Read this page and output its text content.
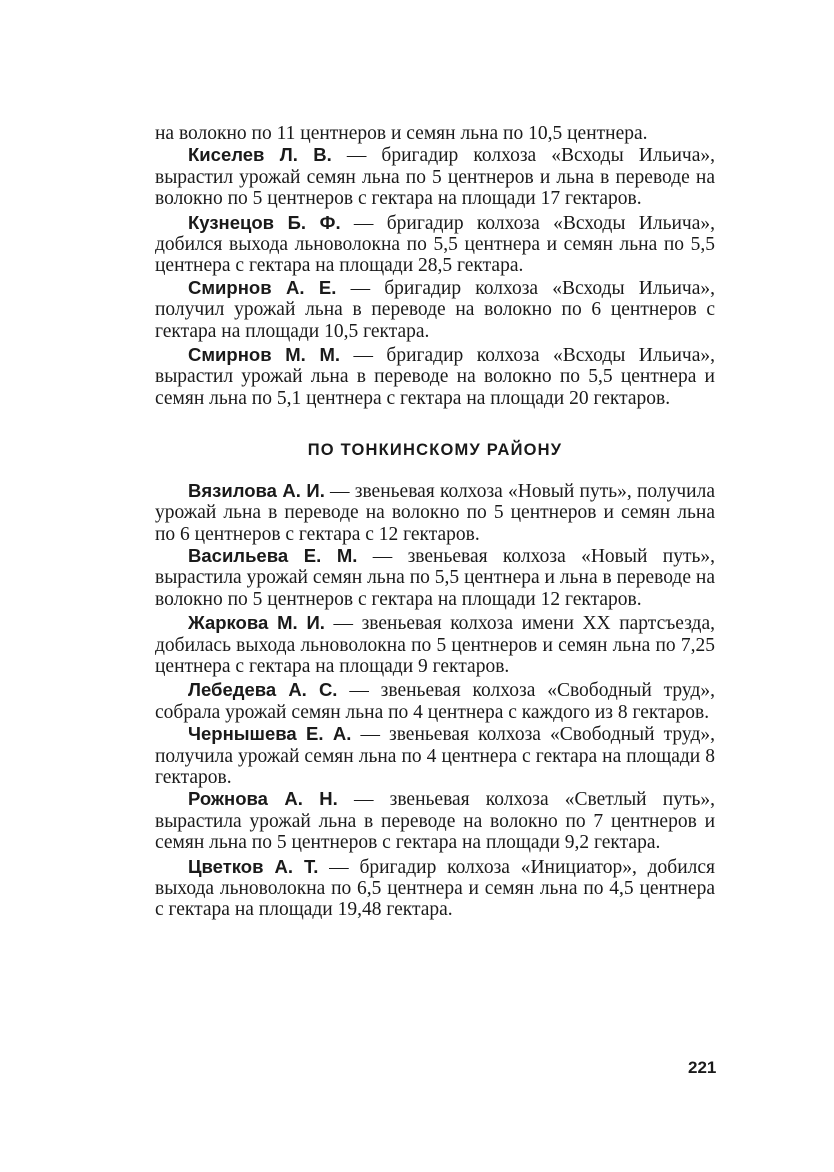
на волокно по 11 центнеров и семян льна по 10,5 центнера.

Киселев Л. В. — бригадир колхоза «Всходы Ильича», вырастил урожай семян льна по 5 центнеров и льна в переводе на волокно по 5 центнеров с гектара на площади 17 гектаров.

Кузнецов Б. Ф. — бригадир колхоза «Всходы Ильича», добился выхода льноволокна по 5,5 центнера и семян льна по 5,5 центнера с гектара на площади 28,5 гектара.

Смирнов А. Е. — бригадир колхоза «Всходы Ильича», получил урожай льна в переводе на волокно по 6 центнеров с гектара на площади 10,5 гектара.

Смирнов М. М. — бригадир колхоза «Всходы Ильича», вырастил урожай льна в переводе на волокно по 5,5 центнера и семян льна по 5,1 центнера с гектара на площади 20 гектаров.

ПО ТОНКИНСКОМУ РАЙОНУ

Вязилова А. И. — звеньевая колхоза «Новый путь», получила урожай льна в переводе на волокно по 5 центнеров и семян льна по 6 центнеров с гектара с 12 гектаров.

Васильева Е. М. — звеньевая колхоза «Новый путь», вырастила урожай семян льна по 5,5 центнера и льна в переводе на волокно по 5 центнеров с гектара на площади 12 гектаров.

Жаркова М. И. — звеньевая колхоза имени XX партсъезда, добилась выхода льноволокна по 5 центнеров и семян льна по 7,25 центнера с гектара на площади 9 гектаров.

Лебедева А. С. — звеньевая колхоза «Свободный труд», собрала урожай семян льна по 4 центнера с каждого из 8 гектаров.

Чернышева Е. А. — звеньевая колхоза «Свободный труд», получила урожай семян льна по 4 центнера с гектара на площади 8 гектаров.

Рожнова А. Н. — звеньевая колхоза «Светлый путь», вырастила урожай льна в переводе на волокно по 7 центнеров и семян льна по 5 центнеров с гектара на площади 9,2 гектара.

Цветков А. Т. — бригадир колхоза «Инициатор», добился выхода льноволокна по 6,5 центнера и семян льна по 4,5 центнера с гектара на площади 19,48 гектара.

221
